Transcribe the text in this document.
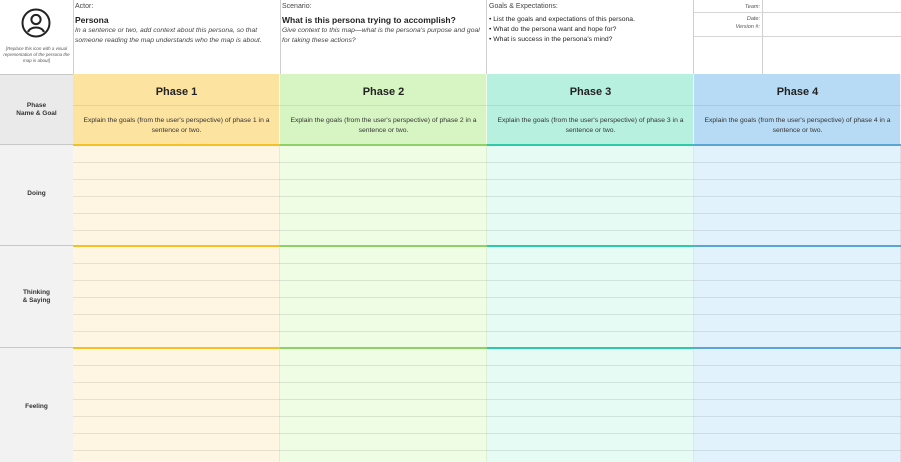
[Replace this icon with a visual representation of the persona the map is about]
Actor:
Persona
In a sentence or two, add context about this persona, so that someone reading the map understands who the map is about.
Scenario:
What is this persona trying to accomplish?
Give context to this map—what is the persona's purpose and goal for taking these actions?
Goals & Expectations:
• List the goals and expectations of this persona.
• What do the persona want and hope for?
• What is success in the persona's mind?
Team:
Date:
Version #:
Phase
Name & Goal
Doing
Thinking
& Saying
Feeling
Phase 1
Explain the goals (from the user's perspective) of phase 1 in a sentence or two.
Phase 2
Explain the goals (from the user's perspective) of phase 2 in a sentence or two.
Phase 3
Explain the goals (from the user's perspective) of phase 3 in a sentence or two.
Phase 4
Explain the goals (from the user's perspective) of phase 4 in a sentence or two.
